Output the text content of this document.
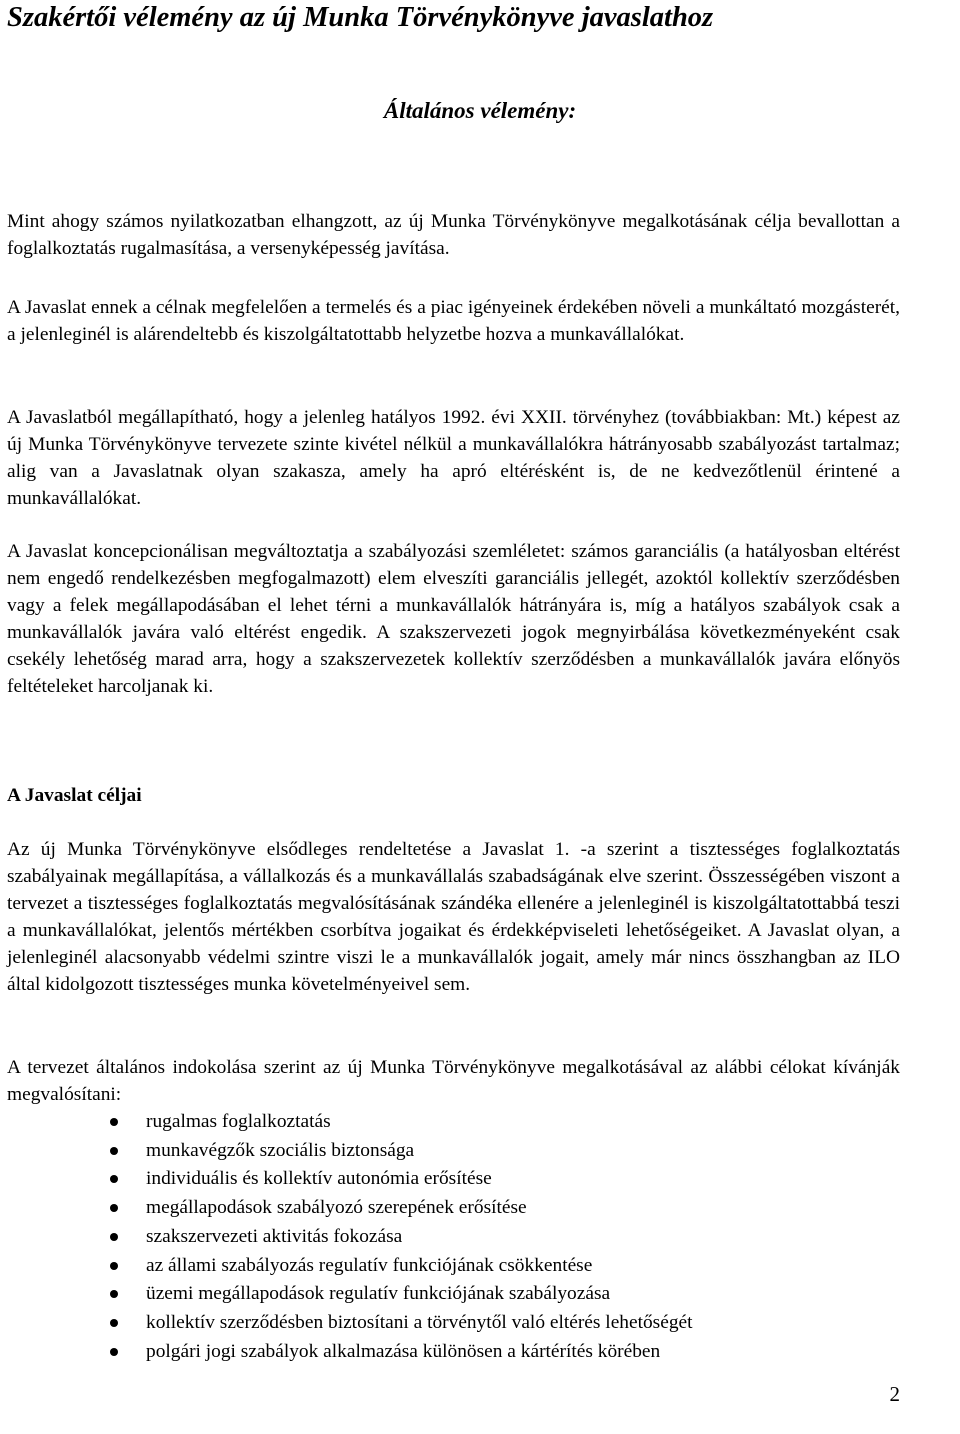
Szakértői vélemény az új Munka Törvénykönyve javaslathoz
Általános vélemény:

Mint ahogy számos nyilatkozatban elhangzott, az új Munka Törvénykönyve megalkotásának célja bevallottan a foglalkoztatás rugalmasítása, a versenyképesség javítása.

A Javaslat ennek a célnak megfelelően a termelés és a piac igényeinek érdekében növeli a munkáltató mozgásterét, a jelenleginél is alárendeltebb és kiszolgáltatottabb helyzetbe hozva a munkavállalókat.

A Javaslatból megállapítható, hogy a jelenleg hatályos 1992. évi XXII. törvényhez (továbbiakban: Mt.) képest az új Munka Törvénykönyve tervezete szinte kivétel nélkül a munkavállalókra hátrányosabb szabályozást tartalmaz; alig van a Javaslatnak olyan szakasza, amely ha apró eltérésként is, de ne kedvezőtlenül érintené a munkavállalókat.

A Javaslat koncepcionálisan megváltoztatja a szabályozási szemléletet: számos garanciális (a hatályosban eltérést nem engedő rendelkezésben megfogalmazott) elem elveszíti garanciális jellegét, azoktól kollektív szerződésben vagy a felek megállapodásában el lehet térni a munkavállalók hátrányára is, míg a hatályos szabályok csak a munkavállalók javára való eltérést engedik. A szakszervezeti jogok megnyirbálása következményeként csak csekély lehetőség marad arra, hogy a szakszervezetek kollektív szerződésben a munkavállalók javára előnyös feltételeket harcoljanak ki.

A Javaslat céljai

Az új Munka Törvénykönyve elsődleges rendeltetése a Javaslat 1. -a szerint a tisztességes foglalkoztatás szabályainak megállapítása, a vállalkozás és a munkavállalás szabadságának elve szerint. Összességében viszont a tervezet a tisztességes foglalkoztatás megvalósításának szándéka ellenére a jelenleginél is kiszolgáltatottabbá teszi a munkavállalókat, jelentős mértékben csorbítva jogaikat és érdekképviseleti lehetőségeiket. A Javaslat olyan, a jelenleginél alacsonyabb védelmi szintre viszi le a munkavállalók jogait, amely már nincs összhangban az ILO által kidolgozott tisztességes munka követelményeivel sem.

A tervezet általános indokolása szerint az új Munka Törvénykönyve megalkotásával az alábbi célokat kívánják megvalósítani:

rugalmas foglalkoztatás
munkavégzők szociális biztonsága
individuális és kollektív autonómia erősítése
megállapodások szabályozó szerepének erősítése
szakszervezeti aktivitás fokozása
az állami szabályozás regulatív funkciójának csökkentése
üzemi megállapodások regulatív funkciójának szabályozása
kollektív szerződésben biztosítani a törvénytől való eltérés lehetőségét
polgári jogi szabályok alkalmazása különösen a kártérítés körében
2
